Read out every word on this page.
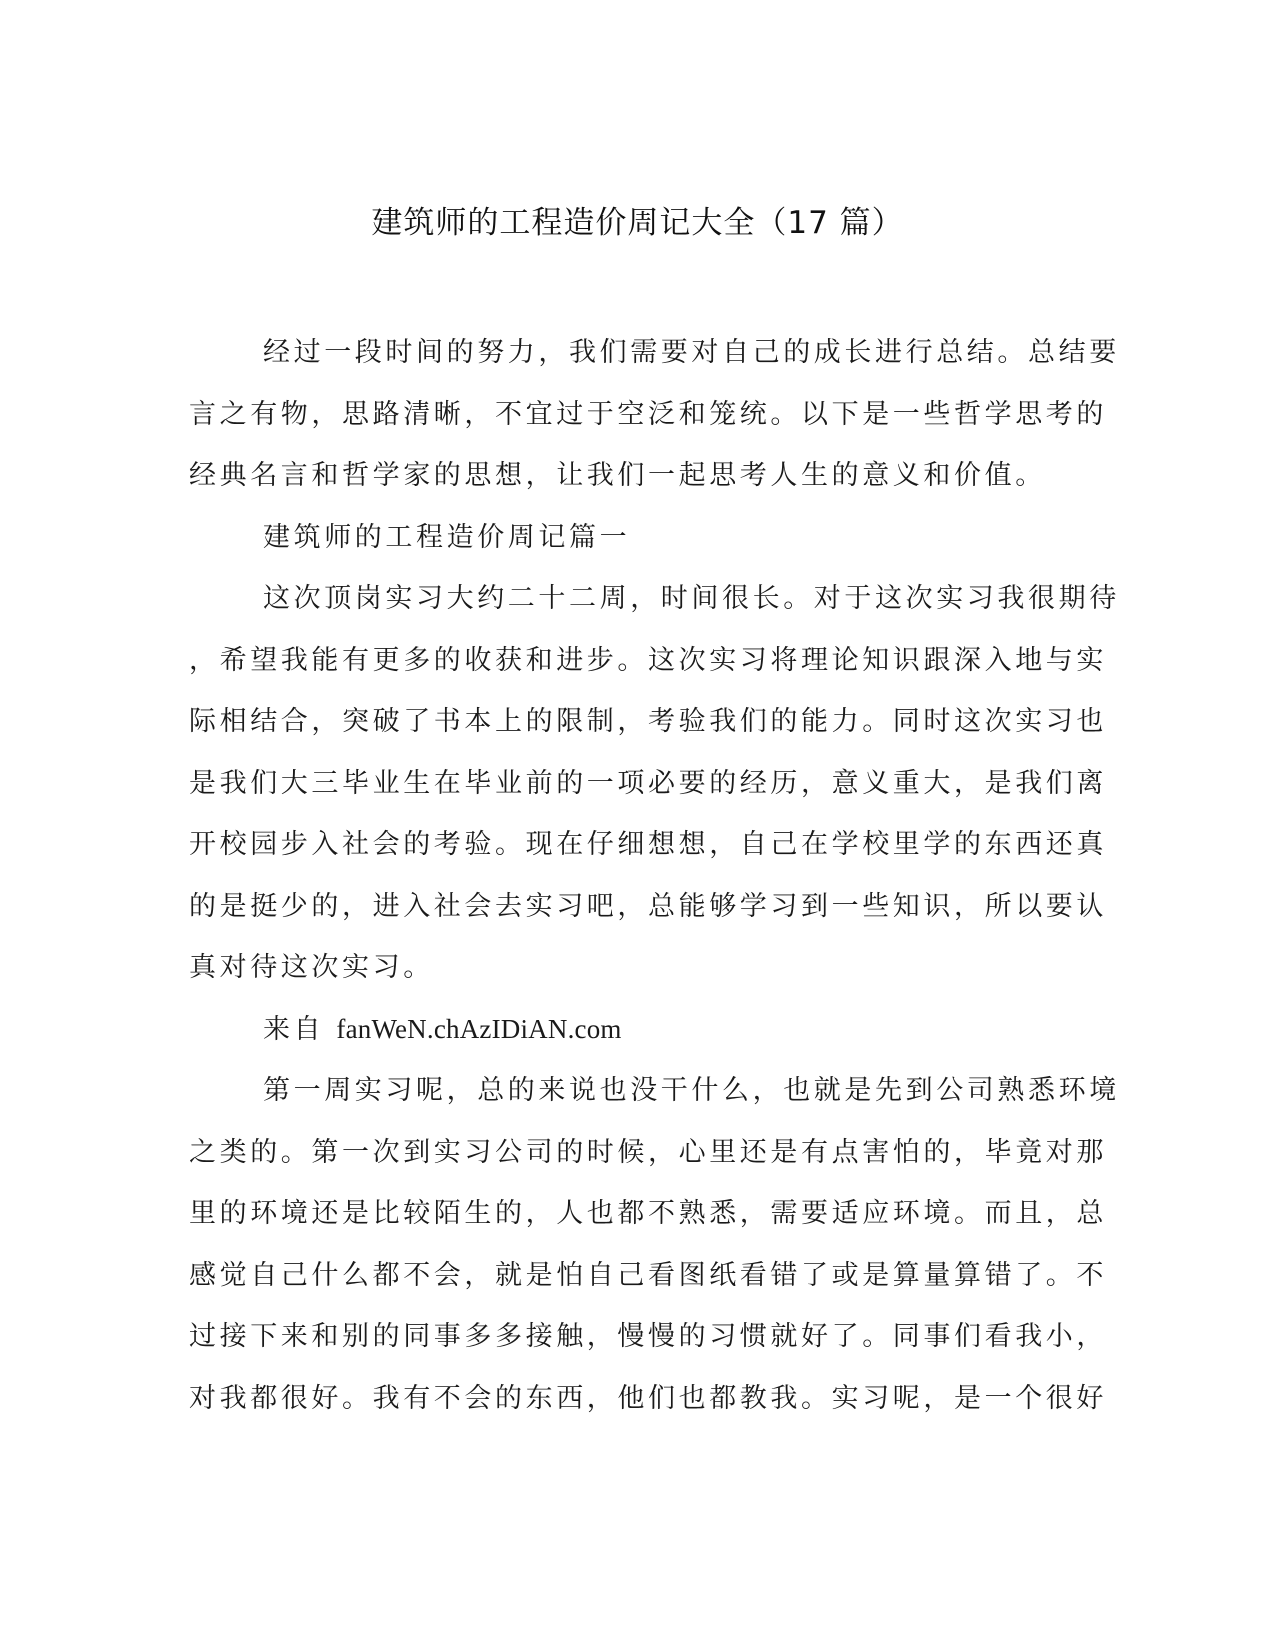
建筑师的工程造价周记大全（17 篇）
经过一段时间的努力，我们需要对自己的成长进行总结。总结要
言之有物，思路清晰，不宜过于空泛和笼统。以下是一些哲学思考的
经典名言和哲学家的思想，让我们一起思考人生的意义和价值。
建筑师的工程造价周记篇一
这次顶岗实习大约二十二周，时间很长。对于这次实习我很期待
，希望我能有更多的收获和进步。这次实习将理论知识跟深入地与实
际相结合，突破了书本上的限制，考验我们的能力。同时这次实习也
是我们大三毕业生在毕业前的一项必要的经历，意义重大，是我们离
开校园步入社会的考验。现在仔细想想，自己在学校里学的东西还真
的是挺少的，进入社会去实习吧，总能够学习到一些知识，所以要认
真对待这次实习。
来自 fanWeN.chAzIDiAN.com
第一周实习呢，总的来说也没干什么，也就是先到公司熟悉环境
之类的。第一次到实习公司的时候，心里还是有点害怕的，毕竟对那
里的环境还是比较陌生的，人也都不熟悉，需要适应环境。而且，总
感觉自己什么都不会，就是怕自己看图纸看错了或是算量算错了。不
过接下来和别的同事多多接触，慢慢的习惯就好了。同事们看我小，
对我都很好。我有不会的东西，他们也都教我。实习呢，是一个很好
